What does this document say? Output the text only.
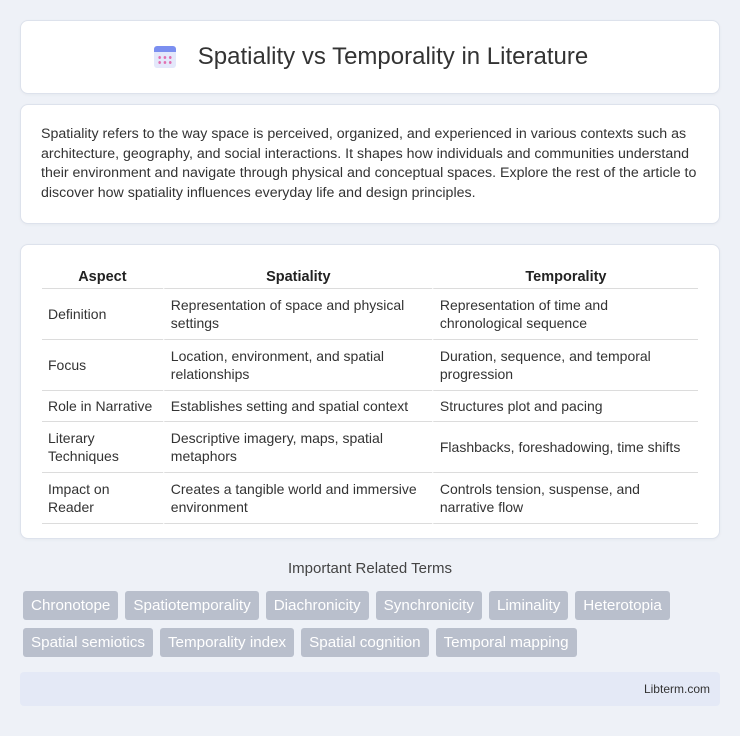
Spatiality vs Temporality in Literature

Spatiality refers to the way space is perceived, organized, and experienced in various contexts such as architecture, geography, and social interactions. It shapes how individuals and communities understand their environment and navigate through physical and conceptual spaces. Explore the rest of the article to discover how spatiality influences everyday life and design principles.

Aspect	Spatiality	Temporality
Definition	Representation of space and physical settings	Representation of time and chronological sequence
Focus	Location, environment, and spatial relationships	Duration, sequence, and temporal progression
Role in Narrative	Establishes setting and spatial context	Structures plot and pacing
Literary Techniques	Descriptive imagery, maps, spatial metaphors	Flashbacks, foreshadowing, time shifts
Impact on Reader	Creates a tangible world and immersive environment	Controls tension, suspense, and narrative flow
Important Related Terms
Chronotope	Spatiotemporality	Diachronicity	Synchronicity	Liminality	Heterotopia
Spatial semiotics	Temporality index	Spatial cognition	Temporal mapping
Libterm.com
